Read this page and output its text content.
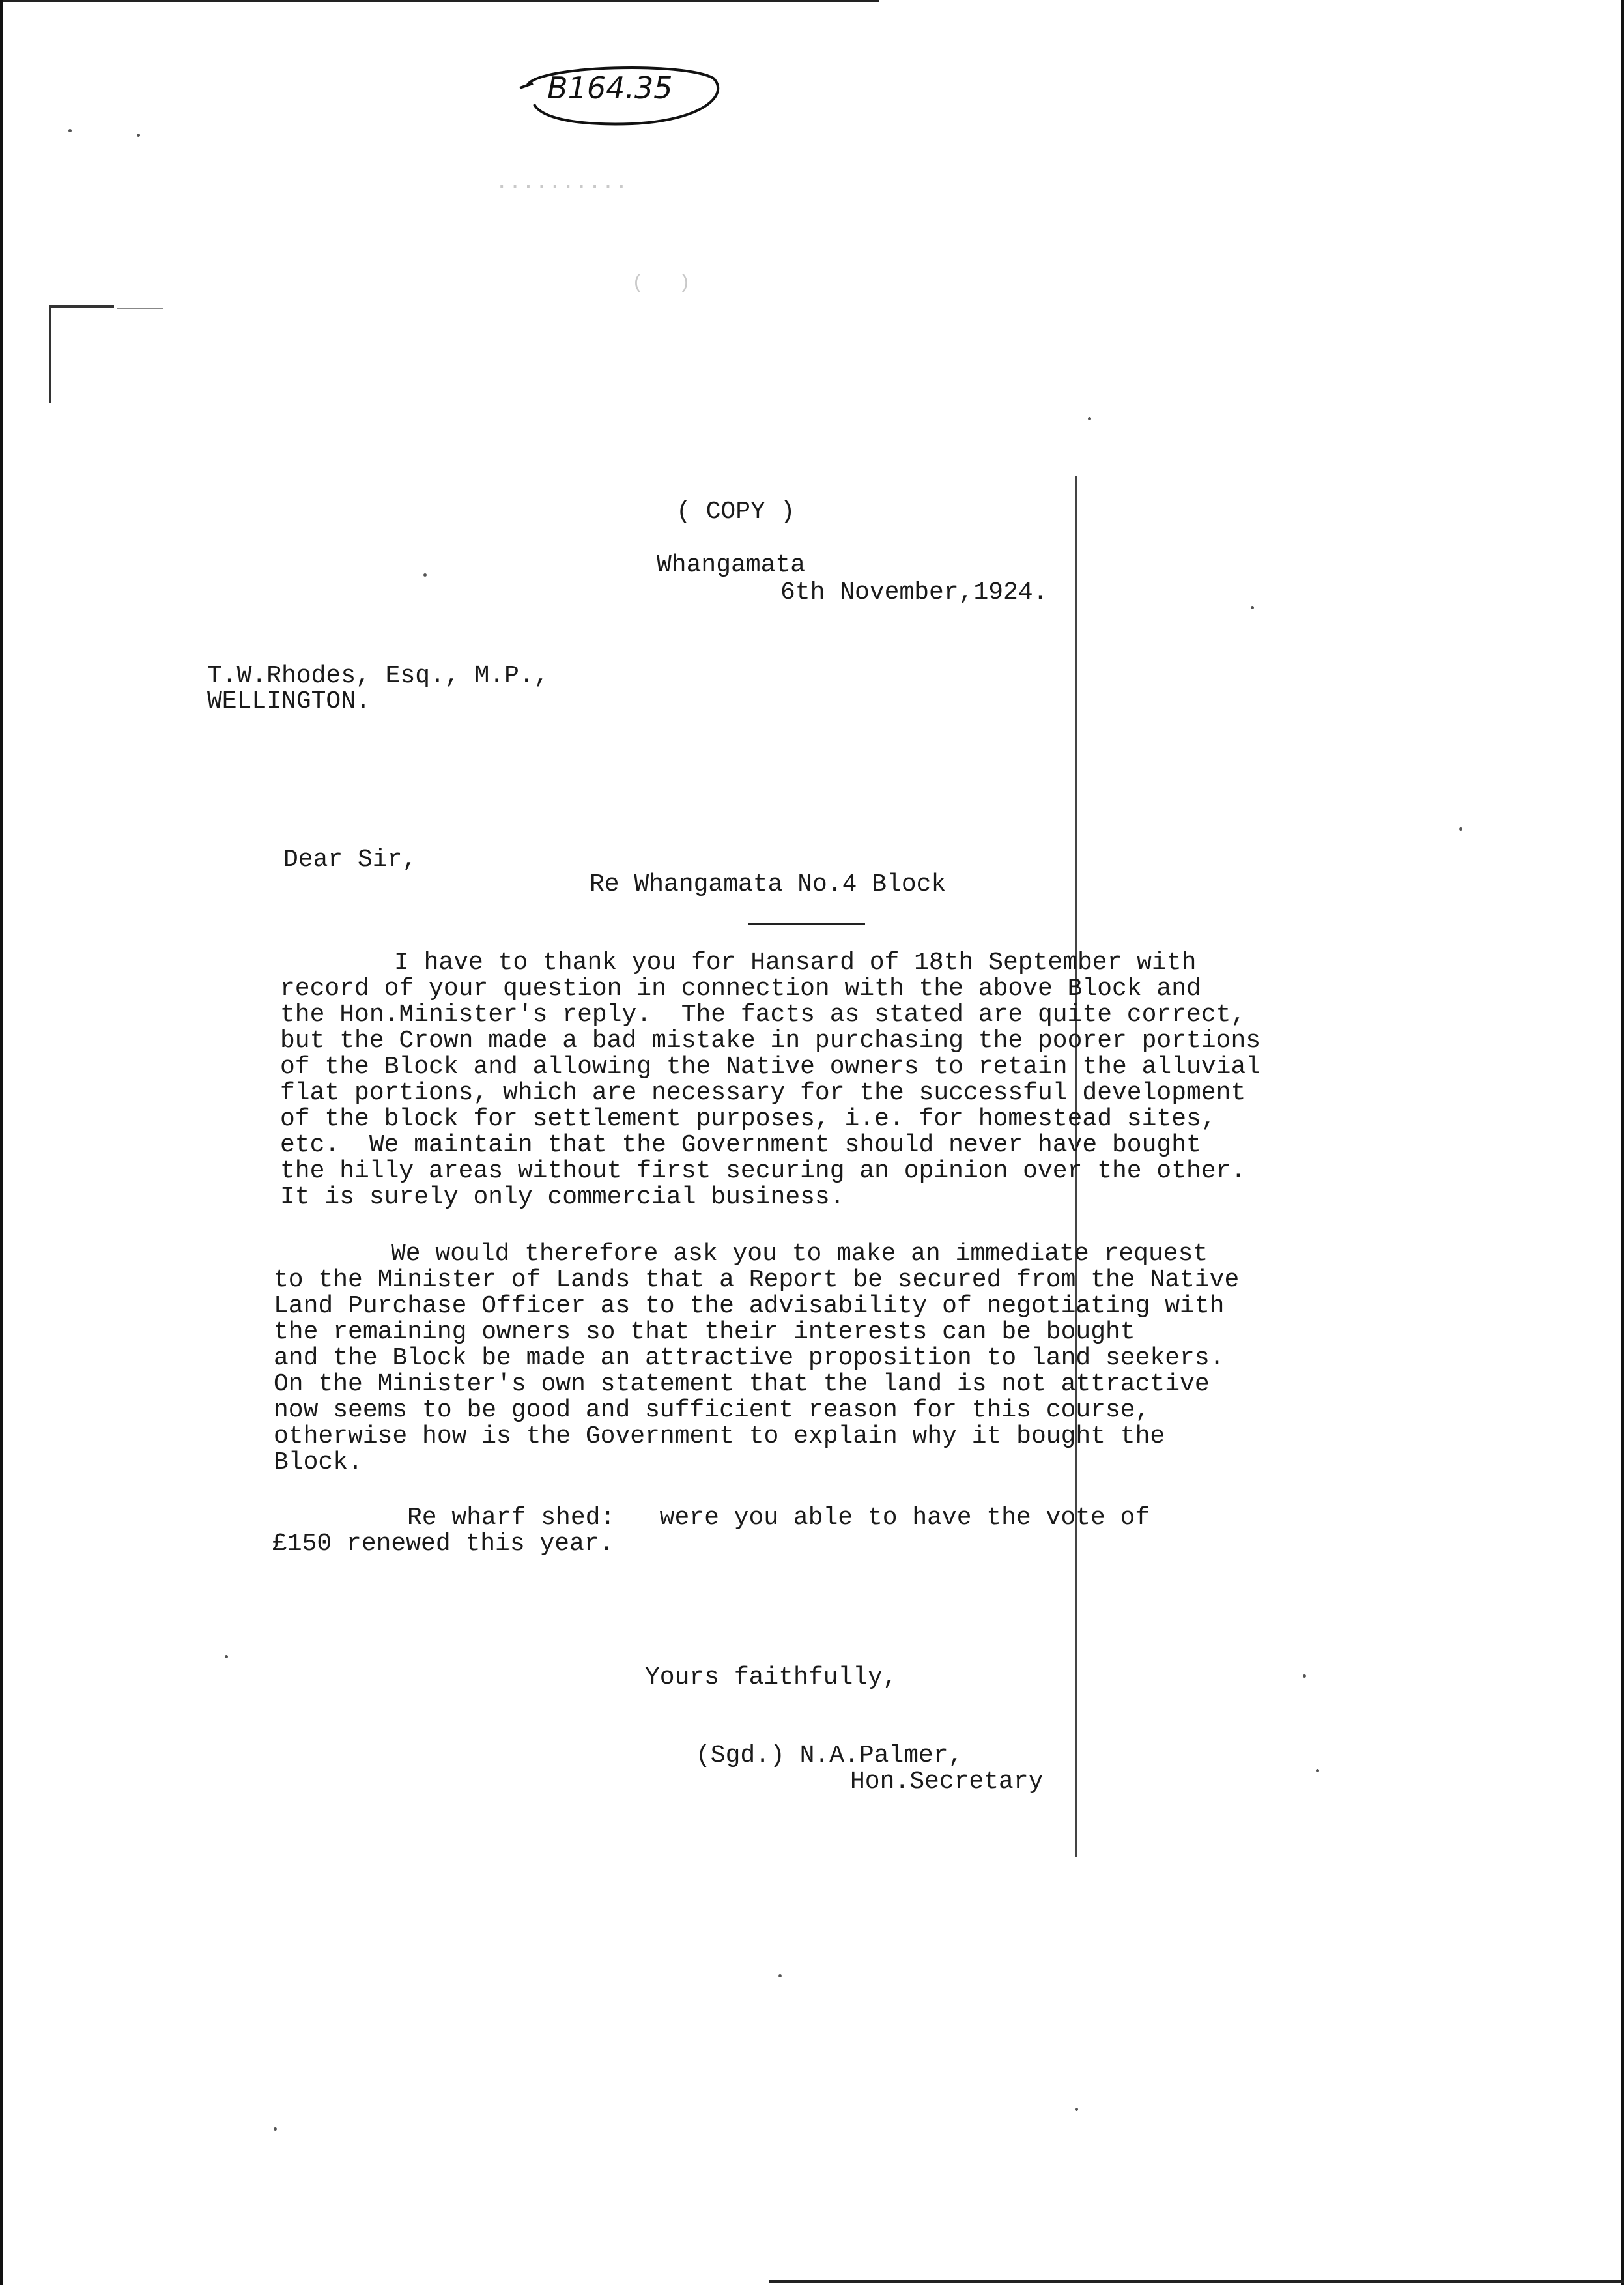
..........
(   )
B164.35
( COPY )
Whangamata
6th November,1924.
T.W.Rhodes, Esq., M.P.,
WELLINGTON.
Dear Sir,
Re Whangamata No.4 Block
I have to thank you for Hansard of 18th September with
record of your question in connection with the above Block and
the Hon.Minister's reply.  The facts as stated are quite correct,
but the Crown made a bad mistake in purchasing the poorer portions
of the Block and allowing the Native owners to retain the alluvial
flat portions, which are necessary for the successful development
of the block for settlement purposes, i.e. for homestead sites,
etc.  We maintain that the Government should never have bought
the hilly areas without first securing an opinion over the other.
It is surely only commercial business.
We would therefore ask you to make an immediate request
to the Minister of Lands that a Report be secured from the Native
Land Purchase Officer as to the advisability of negotiating with
the remaining owners so that their interests can be bought
and the Block be made an attractive proposition to land seekers.
On the Minister's own statement that the land is not attractive
now seems to be good and sufficient reason for this course,
otherwise how is the Government to explain why it bought the
Block.
Re wharf shed:   were you able to have the vote of
£150 renewed this year.
Yours faithfully,
(Sgd.) N.A.Palmer,
Hon.Secretary
